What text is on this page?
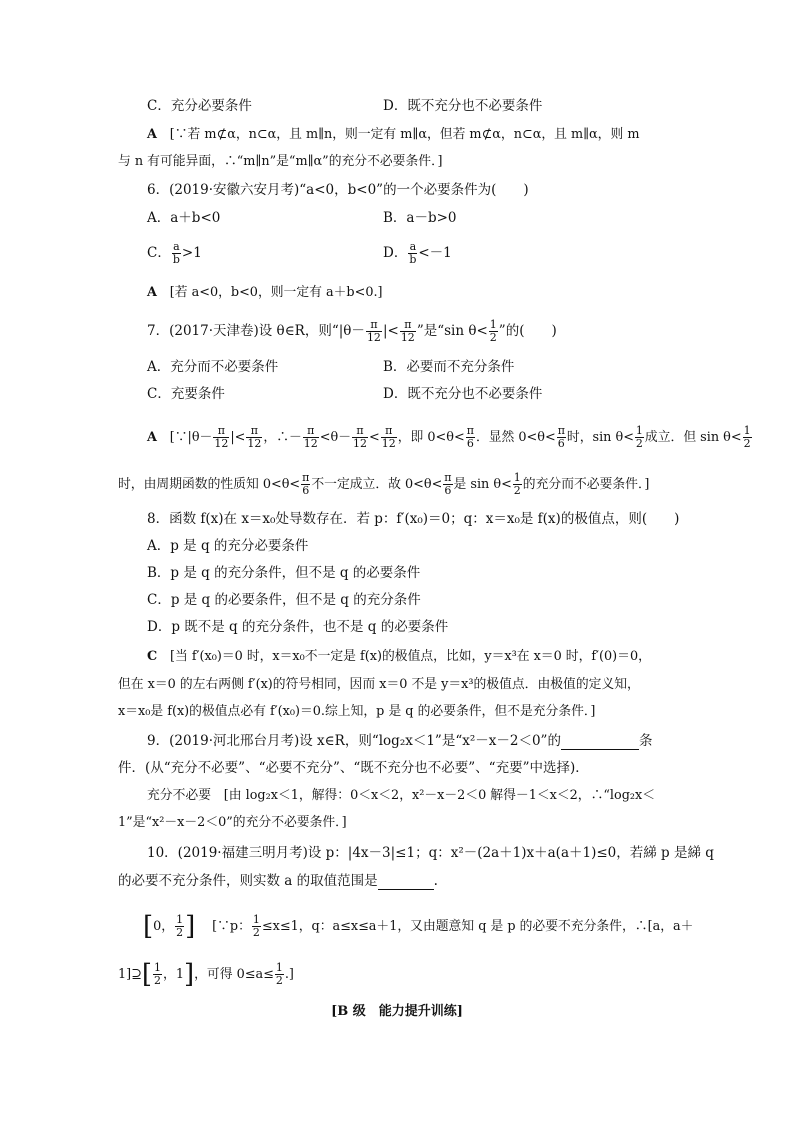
C．充分必要条件	D．既不充分也不必要条件
A　 [∵若 m⊄α，n⊂α，且 m∥n，则一定有 m∥α，但若 m⊄α，n⊂α，且 m∥α，则 m
与 n 有可能异面，∴“m∥n”是“m∥α”的充分不必要条件．]
6．(2019·安徽六安月考)“a<0，b<0”的一个必要条件为(　　)
A．a＋b<0	B．a－b>0
C． $\frac{a}{b} >1$	D． $\frac{a}{b} <-1$
A　 [若 a<0，b<0，则一定有 a＋b<0.]
7．(2017·天津卷)设 θ∈R，则“$|\theta- \frac{\pi}{12}$ |< $\frac{\pi}{12}$ ”是“sin $\theta< \frac{1}{2}$ ”的(　　)
A．充分而不必要条件	B．必要而不充分条件
C．充要条件	D．既不充分也不必要条件
A　 [∵|θ－ $\frac{\pi}{12}$ |< $\frac{\pi}{12}$ ，∴－ $\frac{\pi}{12} <\theta- \frac{\pi}{12} < \frac{\pi}{12}$ ，即 $0<\theta< \frac{\pi}{6}$ ．显然 $0<\theta< \frac{\pi}{6}$ 时，$\sin \theta< \frac{1}{2}$ 成立．但 $\sin \theta< \frac{1}{2}$
时，由周期函数的性质知 $0<\theta< \frac{\pi}{6}$ 不一定成立．故 $0<\theta< \frac{\pi}{6}$ 是 $\sin \theta< \frac{1}{2}$ 的充分而不必要条件．]
8．函数 f(x)在 x＝x₀处导数存在．若 p：f′(x₀)＝0；q：x＝x₀是 f(x)的极值点，则(　　)
A．p 是 q 的充分必要条件
B．p 是 q 的充分条件，但不是 q 的必要条件
C．p 是 q 的必要条件，但不是 q 的充分条件
D．p 既不是 q 的充分条件，也不是 q 的必要条件
C　 [当 f′(x₀)＝0 时，x＝x₀不一定是 f(x)的极值点，比如，y＝x³在 x＝0 时，f′(0)＝0，
但在 x＝0 的左右两侧 f′(x)的符号相同，因而 x＝0 不是 y＝x³的极值点．由极值的定义知，
x＝x₀是 f(x)的极值点必有 f′(x₀)＝0.综上知，p 是 q 的必要条件，但不是充分条件．]
9．(2019·河北邢台月考)设 x∈R，则“log₂x＜1”是“x²－x－2＜0”的	条
件．(从“充分不必要”、“必要不充分”、“既不充分也不必要”、“充要”中选择)．
充分不必要　 [由 log₂x＜1，解得：0＜x＜2，x²－x－2＜0 解得－1＜x＜2，∴“log₂x＜
1”是“x²－x－2＜0”的充分不必要条件．]
10．(2019·福建三明月考)设 p：|4x－3|≤1；q：x²－(2a＋1)x＋a(a＋1)≤0，若綈 p 是綈 q
的必要不充分条件，则实数 a 的取值范围是	.
[0， $\frac{1}{2}$ ] 　 [∵p： $\frac{1}{2} \le x\le 1$，q：a≤x≤a＋1，又由题意知 q 是 p 的必要不充分条件，∴[a，a＋
1]⊇[ $\frac{1}{2}$ ，1]，可得 $0\le a\le \frac{1}{2}$ .]
[B 级　能力提升训练]
